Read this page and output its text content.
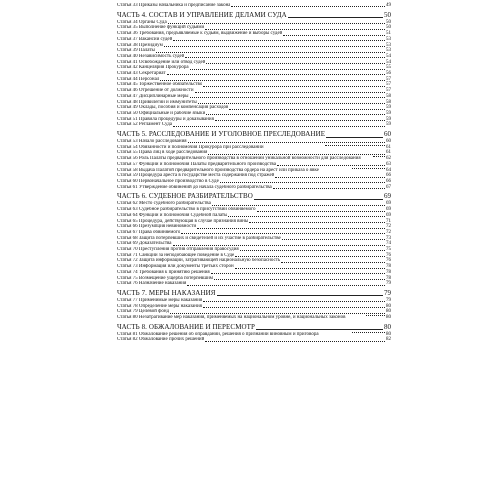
Статья 33 Приказы начальника и предписание закона	49
ЧАСТЬ 4. СОСТАВ И УПРАВЛЕНИЕ ДЕЛАМИ СУДА	50
Статья 34 Органы Суда	50
Статья 35 Выполнение функций судьями	50
Статья 36 Требования, предъявляемые к судьям, выдвижение и выборы судей	51
Статья 37 Вакансии судей	53
Статья 38 Президиум	53
Статья 39 Палаты	53
Статья 40 Независимость судей	54
Статья 41 Освобождение или отвод судей	54
Статья 42 Канцелярия Прокурора	55
Статья 43 Секретариат	56
Статья 44 Персонал	57
Статья 45 Торжественное обязательство	57
Статья 46 Отрешение от должности	57
Статья 47 Дисциплинарные меры	58
Статья 48 Привилегии и иммунитеты	58
Статья 49 Оклады, пособия и компенсация расходов	59
Статья 50 Официальные и рабочие языки	59
Статья 51 Правила процедуры и доказывания	59
Статья 52 Регламент Суда	59
ЧАСТЬ 5. РАССЛЕДОВАНИЕ И УГОЛОВНОЕ ПРЕСЛЕДОВАНИЕ	60
Статья 53 Начало расследования	60
Статья 54 Обязанности и полномочия Прокурора при расследовании	61
Статья 55 Права лиц в ходе расследования	61
Статья 56 Роль Палаты предварительного производства в отношении уникальной возможности для расследования	62
Статья 57 Функции и полномочия Палаты предварительного производства	63
Статья 58 Выдача Палатой предварительного производства ордера на арест или приказа о явке	64
Статья 59 Процедура ареста в государстве места содержания под стражей	66
Статья 60 Первоначальное производство в Суде	66
Статья 61 Утверждение обвинений до начала судебного разбирательства	67
ЧАСТЬ 6. СУДЕБНОЕ РАЗБИРАТЕЛЬСТВО	69
Статья 62 Место судебного разбирательства	69
Статья 63 Судебное разбирательство в присутствии обвиняемого	69
Статья 64 Функции и полномочия Судебной палаты	69
Статья 65 Процедура, действующая в случае признания вины	71
Статья 66 Презумпция невиновности	72
Статья 67 Права обвиняемого	72
Статья 68 Защита потерпевших и свидетелей и их участие в разбирательстве	73
Статья 69 Доказательства	74
Статья 70 Преступления против отправления правосудия	75
Статья 71 Санкции за неподобающее поведение в Суде	76
Статья 72 Защита информации, затрагивающей национальную безопасность	76
Статья 73 Информация или документы третьих сторон	78
Статья 74 Требования к принятию решения	78
Статья 75 Возмещение ущерба потерпевшим	78
Статья 76 Назначение наказания	79
ЧАСТЬ 7. МЕРЫ НАКАЗАНИЯ	79
Статья 77 Применимые меры наказания	79
Статья 78 Определение меры наказания	80
Статья 79 Целевой фонд	80
Статья 80 Незатрагивание мер наказания, применяемых на национальном уровне, и национальных законов	80
ЧАСТЬ 8. ОБЖАЛОВАНИЕ И ПЕРЕСМОТР	80
Статья 81 Обжалование решения об оправдании, решения о признании виновным и приговора	80
Статья 82 Обжалование прочих решений	82
